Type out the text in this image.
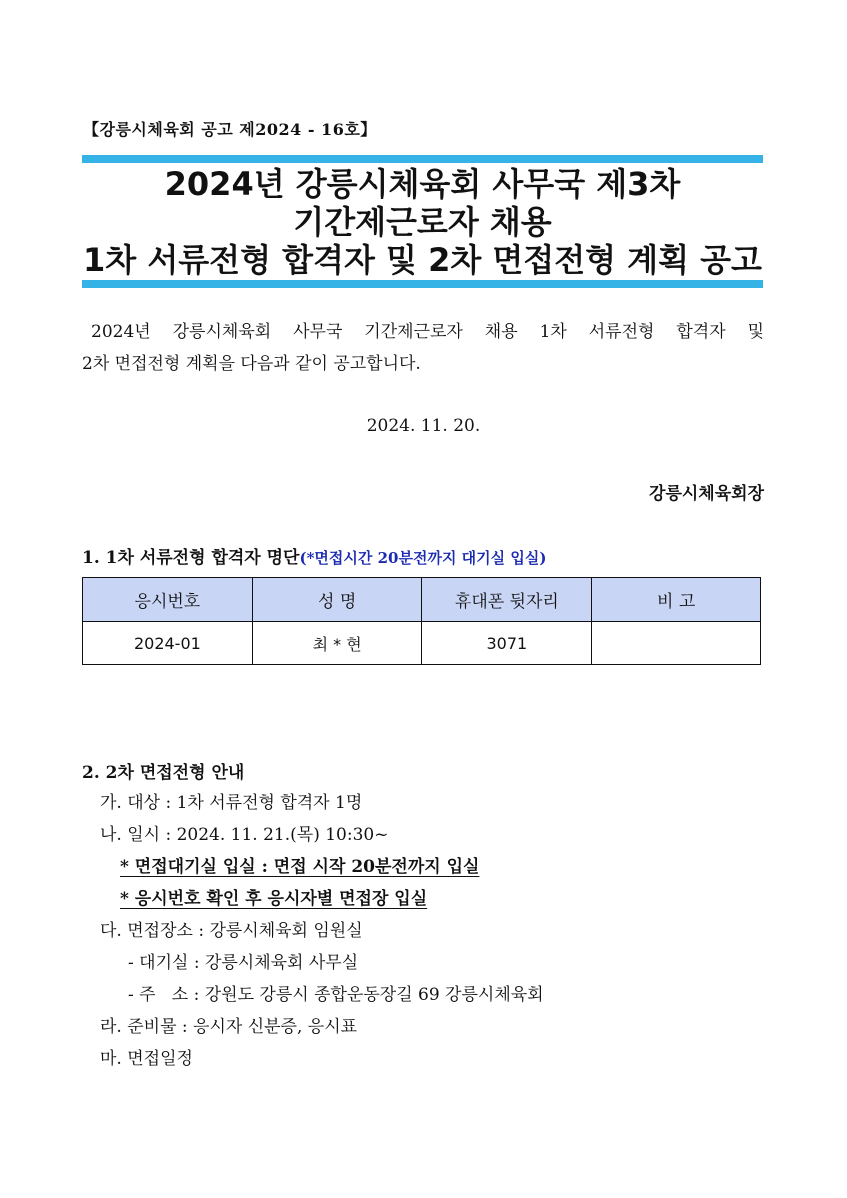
【강릉시체육회 공고 제2024 - 16호】
2024년 강릉시체육회 사무국 제3차
기간제근로자 채용
1차 서류전형 합격자 및 2차 면접전형 계획 공고
2024년 강릉시체육회 사무국 기간제근로자 채용 1차 서류전형 합격자 및
2차 면접전형 계획을 다음과 같이 공고합니다.
2024. 11. 20.
강릉시체육회장
1. 1차 서류전형 합격자 명단(*면접시간 20분전까지 대기실 입실)
응시번호	성 명	휴대폰 뒷자리	비 고
2024-01	최 * 현	3071	
2. 2차 면접전형 안내
가. 대상 : 1차 서류전형 합격자 1명
나. 일시 : 2024. 11. 21.(목) 10:30~
* 면접대기실 입실 : 면접 시작 20분전까지 입실
* 응시번호 확인 후 응시자별 면접장 입실
다. 면접장소 : 강릉시체육회 임원실
- 대기실 : 강릉시체육회 사무실
- 주   소 : 강원도 강릉시 종합운동장길 69 강릉시체육회
라. 준비물 : 응시자 신분증, 응시표
마. 면접일정
